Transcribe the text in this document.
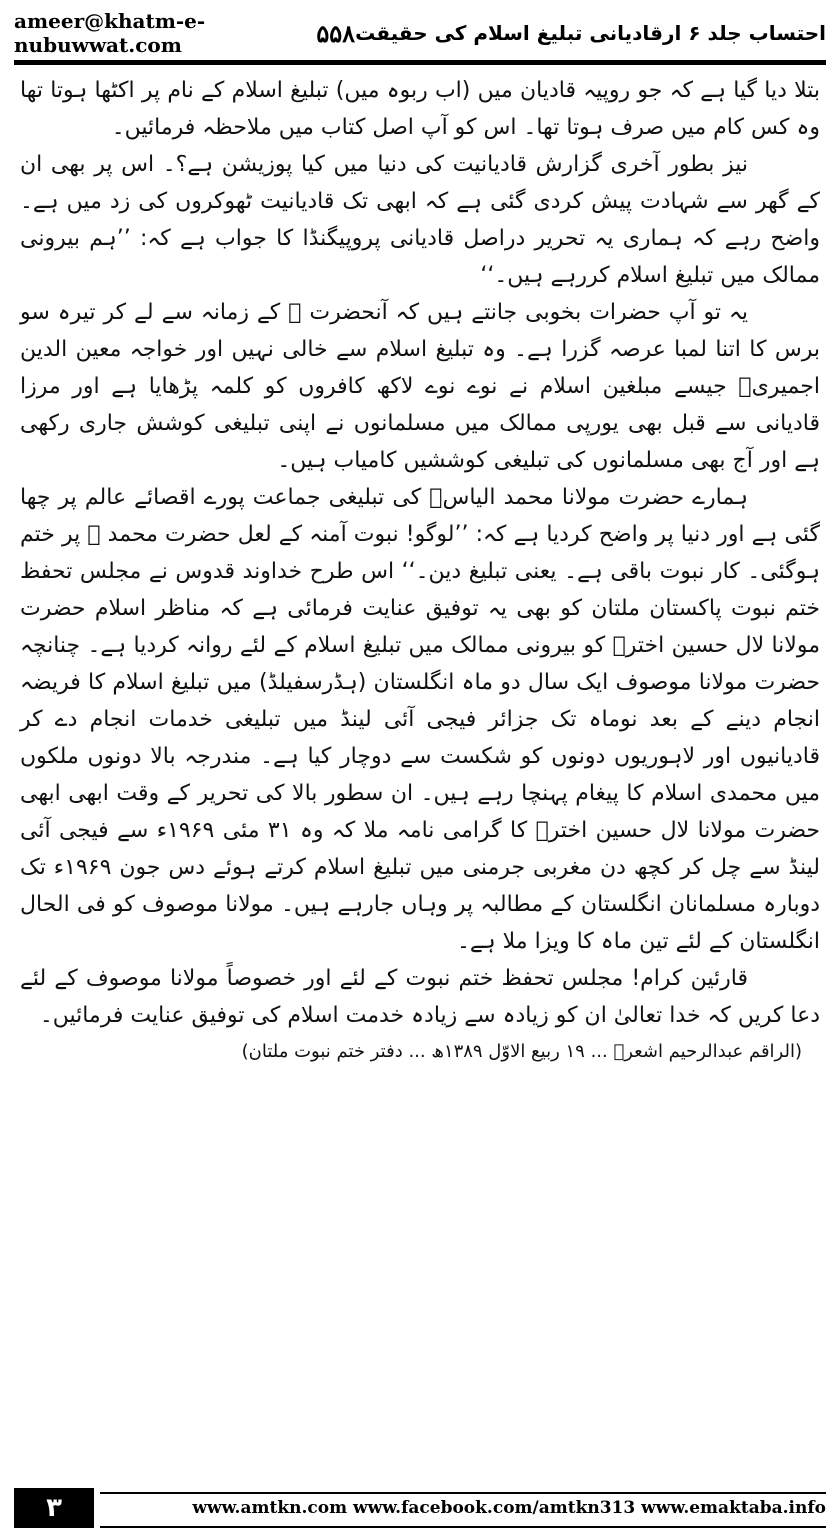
ameer@khatm-e-nubuwwat.com	۵۵۸ احتساب جلد ۶ ارقادیانی تبلیغ اسلام کی حقیقت

بتلا دیا گیا ہے کہ جو روپیہ قادیان میں (اب ربوہ میں) تبلیغ اسلام کے نام پر اکٹھا ہوتا تھا وہ کس کام میں صرف ہوتا تھا۔ اس کو آپ اصل کتاب میں ملاحظہ فرمائیں۔

نیز بطور آخری گزارش قادیانیت کی دنیا میں کیا پوزیشن ہے؟۔ اس پر بھی ان کے گھر سے شہادت پیش کردی گئی ہے کہ ابھی تک قادیانیت ٹھوکروں کی زد میں ہے۔ واضح رہے کہ ہماری یہ تحریر دراصل قادیانی پروپیگنڈا کا جواب ہے کہ: ’’ہم بیرونی ممالک میں تبلیغ اسلام کررہے ہیں۔‘‘

یہ تو آپ حضرات بخوبی جانتے ہیں کہ آنحضرت ﷺ کے زمانہ سے لے کر تیرہ سو برس کا اتنا لمبا عرصہ گزرا ہے۔ وہ تبلیغ اسلام سے خالی نہیں اور خواجہ معین الدین اجمیریؒ جیسے مبلغین اسلام نے نوے نوے لاکھ کافروں کو کلمہ پڑھایا ہے اور مرزا قادیانی سے قبل بھی یورپی ممالک میں مسلمانوں نے اپنی تبلیغی کوشش جاری رکھی ہے اور آج بھی مسلمانوں کی تبلیغی کوششیں کامیاب ہیں۔

ہمارے حضرت مولانا محمد الیاسؒ کی تبلیغی جماعت پورے اقصائے عالم پر چھا گئی ہے اور دنیا پر واضح کردیا ہے کہ: ’’لوگو! نبوت آمنہ کے لعل حضرت محمد ﷺ پر ختم ہوگئی۔ کار نبوت باقی ہے۔ یعنی تبلیغ دین۔‘‘ اس طرح خداوند قدوس نے مجلس تحفظ ختم نبوت پاکستان ملتان کو بھی یہ توفیق عنایت فرمائی ہے کہ مناظر اسلام حضرت مولانا لال حسین اخترؒ کو بیرونی ممالک میں تبلیغ اسلام کے لئے روانہ کردیا ہے۔ چنانچہ حضرت مولانا موصوف ایک سال دو ماہ انگلستان (ہڈرسفیلڈ) میں تبلیغ اسلام کا فریضہ انجام دینے کے بعد نوماہ تک جزائر فیجی آئی لینڈ میں تبلیغی خدمات انجام دے کر قادیانیوں اور لاہوریوں دونوں کو شکست سے دوچار کیا ہے۔ مندرجہ بالا دونوں ملکوں میں محمدی اسلام کا پیغام پہنچا رہے ہیں۔ ان سطور بالا کی تحریر کے وقت ابھی ابھی حضرت مولانا لال حسین اخترؒ کا گرامی نامہ ملا کہ وہ ۳۱ مئی ۱۹۶۹ء سے فیجی آئی لینڈ سے چل کر کچھ دن مغربی جرمنی میں تبلیغ اسلام کرتے ہوئے دس جون ۱۹۶۹ء تک دوبارہ مسلمانان انگلستان کے مطالبہ پر وہاں جارہے ہیں۔ مولانا موصوف کو فی الحال انگلستان کے لئے تین ماہ کا ویزا ملا ہے۔

قارئین کرام! مجلس تحفظ ختم نبوت کے لئے اور خصوصاً مولانا موصوف کے لئے دعا کریں کہ خدا تعالیٰ ان کو زیادہ سے زیادہ خدمت اسلام کی توفیق عنایت فرمائیں۔

(الراقم عبدالرحیم اشعرؒ ... ۱۹ ربیع الاوّل ۱۳۸۹ھ ... دفتر ختم نبوت ملتان)

۳	www.amtkn.com www.facebook.com/amtkn313 www.emaktaba.info
